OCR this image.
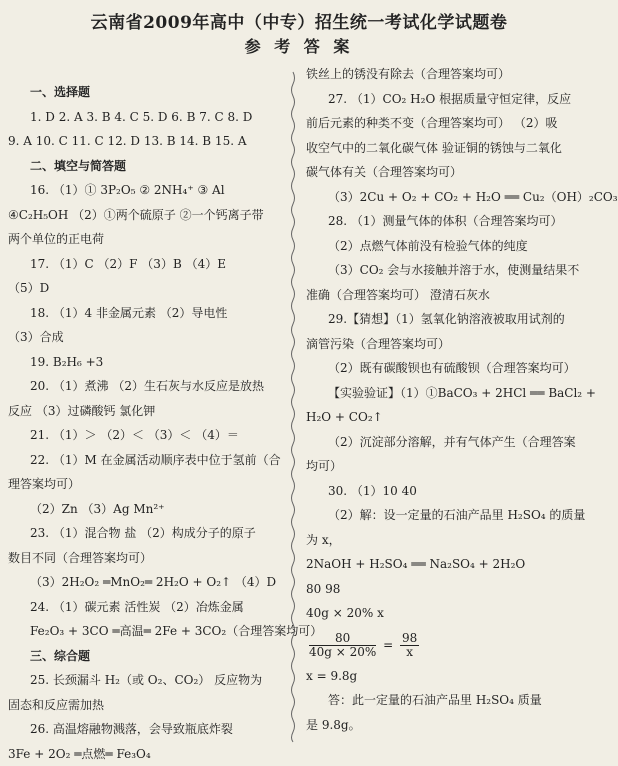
云南省2009年高中（中专）招生统一考试化学试题卷
参 考 答 案
一、选择题
1. D 2. A 3. B 4. C 5. D 6. B 7. C 8. D
9. A 10. C 11. C 12. D 13. B 14. B 15. A
二、填空与简答题
16. （1）① 3P₂O₅ ② 2NH₄⁺ ③ Al
④C₂H₅OH （2）①两个硫原子 ②一个钙离子带
两个单位的正电荷
17. （1）C （2）F （3）B （4）E
（5）D
18. （1）4 非金属元素 （2）导电性
（3）合成
19. B₂H₆ +3
20. （1）煮沸 （2）生石灰与水反应是放热
反应 （3）过磷酸钙 氯化钾
21. （1）＞ （2）＜ （3）＜ （4）＝
22. （1）M 在金属活动顺序表中位于氢前（合
理答案均可）
（2）Zn （3）Ag Mn²⁺
23. （1）混合物 盐 （2）构成分子的原子
数目不同（合理答案均可）
（3）2H₂O₂ ═MnO₂═ 2H₂O + O₂↑ （4）D
24. （1）碳元素 活性炭 （2）冶炼金属
Fe₂O₃ + 3CO ═高温═ 2Fe + 3CO₂（合理答案均可）
三、综合题
25. 长颈漏斗 H₂（或 O₂、CO₂） 反应物为
固态和反应需加热
26. 高温熔融物溅落，会导致瓶底炸裂
3Fe + 2O₂ ═点燃═ Fe₃O₄
铁丝上的锈没有除去（合理答案均可）
27. （1）CO₂ H₂O 根据质量守恒定律，反应
前后元素的种类不变（合理答案均可） （2）吸
收空气中的二氧化碳气体 验证铜的锈蚀与二氧化
碳气体有关（合理答案均可）
（3）2Cu + O₂ + CO₂ + H₂O ══ Cu₂（OH）₂CO₃
28. （1）测量气体的体积（合理答案均可）
（2）点燃气体前没有检验气体的纯度
（3）CO₂ 会与水接触并溶于水，使测量结果不
准确（合理答案均可） 澄清石灰水
29.【猜想】（1）氢氧化钠溶液被取用试剂的
滴管污染（合理答案均可）
（2）既有碳酸钡也有硫酸钡（合理答案均可）
【实验验证】（1）①BaCO₃ + 2HCl ══ BaCl₂ +
H₂O + CO₂↑
（2）沉淀部分溶解，并有气体产生（合理答案
均可）
30. （1）10 40
（2）解：设一定量的石油产品里 H₂SO₄ 的质量
为 x，
2NaOH + H₂SO₄ ══ Na₂SO₄ + 2H₂O
80 98
40g × 20% x
$\frac{80}{40g \times 20\%} = \frac{98}{x}$
x = 9.8g
答：此一定量的石油产品里 H₂SO₄ 质量
是 9.8g。
